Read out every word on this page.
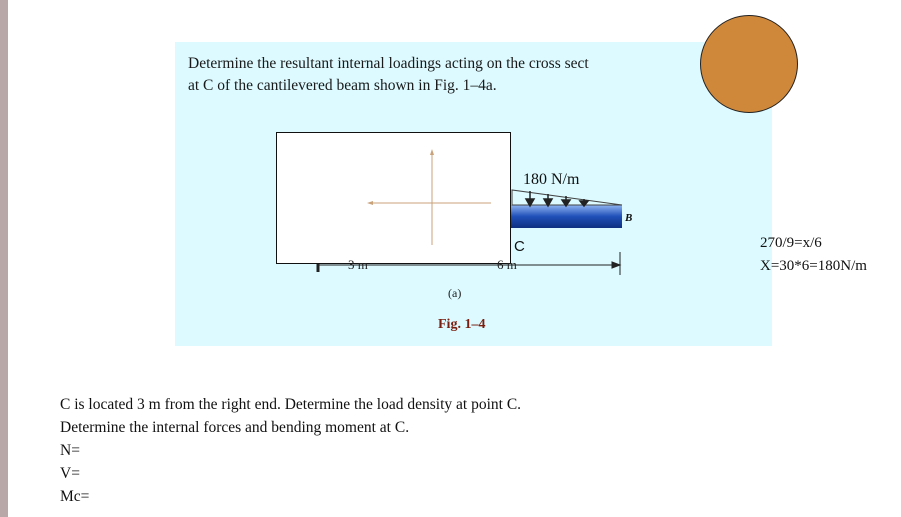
Determine the resultant internal loadings acting on the cross sect
at C of the cantilevered beam shown in Fig. 1–4a.
3 m	6 m
180 N/m
B
C
(a)
Fig. 1–4
270/9=x/6
X=30*6=180N/m
C is located 3 m from the right end. Determine the load density at point C.
Determine the internal forces and bending moment at C.
N=
V=
Mc=
